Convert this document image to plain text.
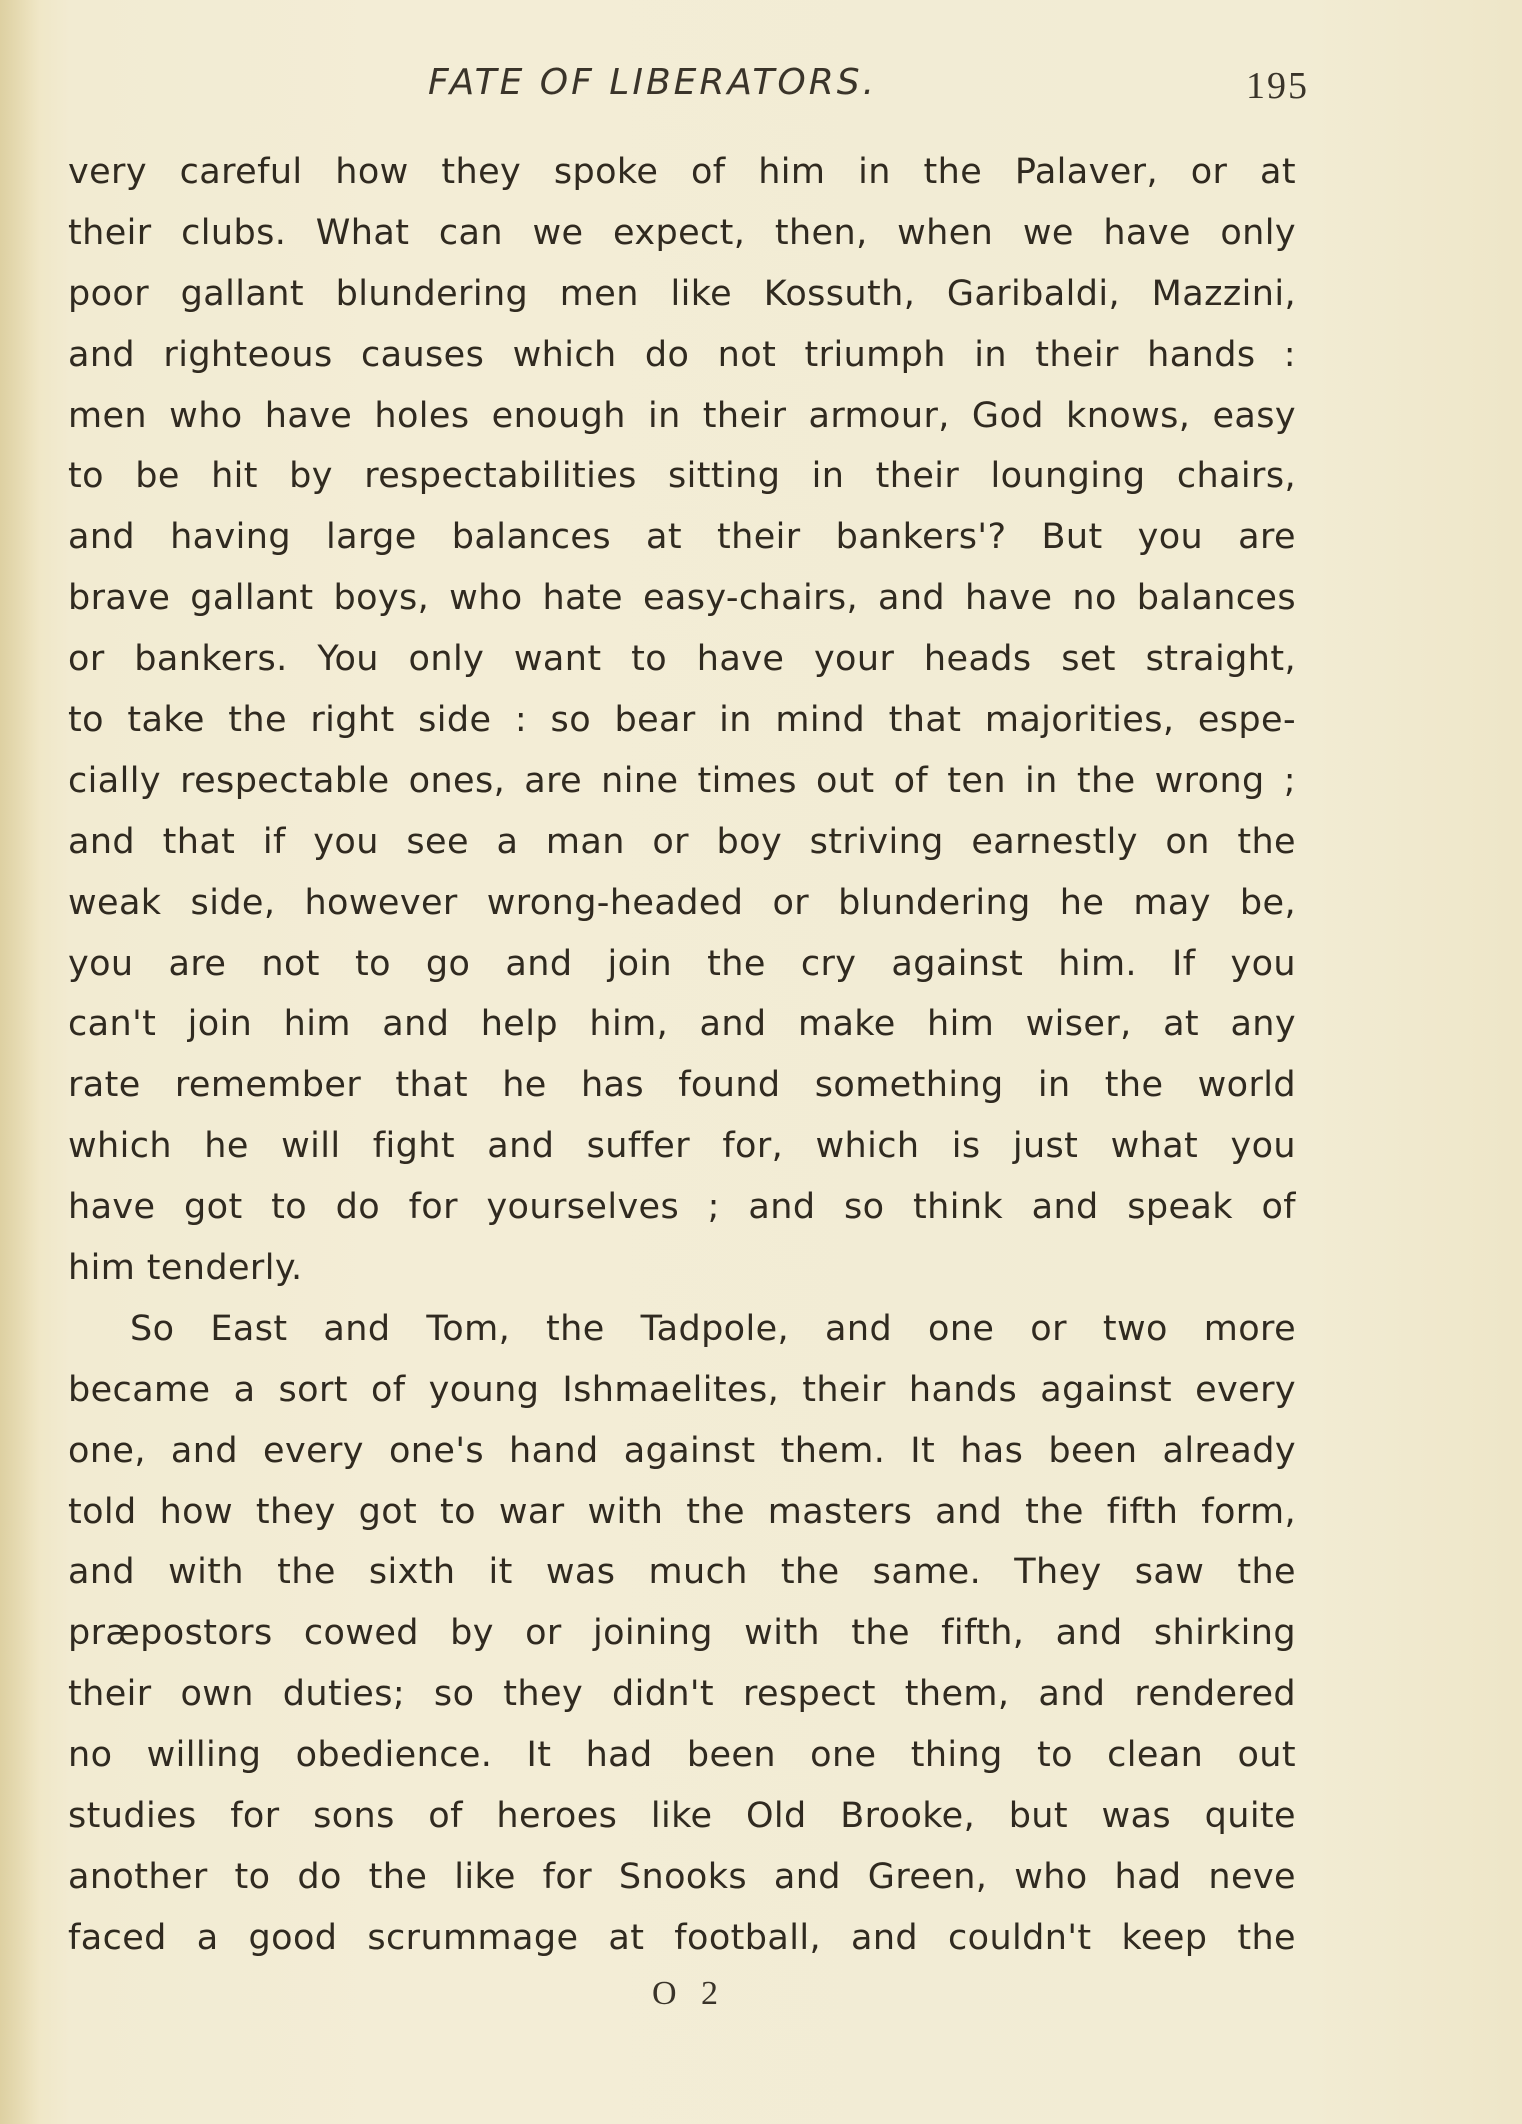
FATE OF LIBERATORS.	195
very careful how they spoke of him in the Palaver, or at
their clubs. What can we expect, then, when we have only
poor gallant blundering men like Kossuth, Garibaldi, Mazzini,
and righteous causes which do not triumph in their hands :
men who have holes enough in their armour, God knows, easy
to be hit by respectabilities sitting in their lounging chairs,
and having large balances at their bankers'? But you are
brave gallant boys, who hate easy-chairs, and have no balances
or bankers. You only want to have your heads set straight,
to take the right side : so bear in mind that majorities, espe-
cially respectable ones, are nine times out of ten in the wrong ;
and that if you see a man or boy striving earnestly on the
weak side, however wrong-headed or blundering he may be,
you are not to go and join the cry against him. If you
can't join him and help him, and make him wiser, at any
rate remember that he has found something in the world
which he will fight and suffer for, which is just what you
have got to do for yourselves ; and so think and speak of
him tenderly.
So East and Tom, the Tadpole, and one or two more
became a sort of young Ishmaelites, their hands against every
one, and every one's hand against them. It has been already
told how they got to war with the masters and the fifth form,
and with the sixth it was much the same. They saw the
præpostors cowed by or joining with the fifth, and shirking
their own duties; so they didn't respect them, and rendered
no willing obedience. It had been one thing to clean out
studies for sons of heroes like Old Brooke, but was quite
another to do the like for Snooks and Green, who had neve
faced a good scrummage at football, and couldn't keep the
O 2
